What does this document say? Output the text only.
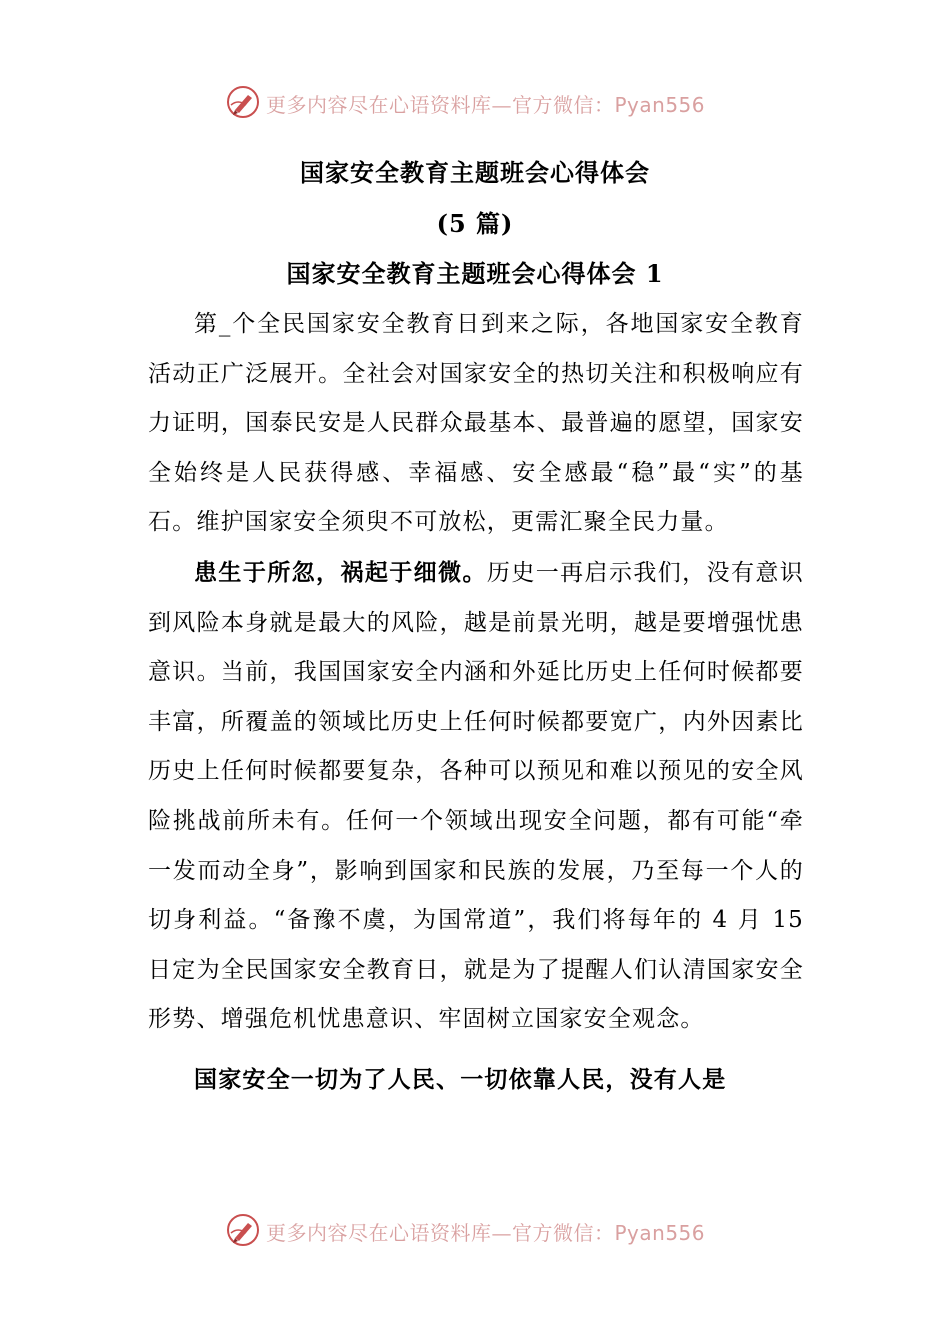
更多内容尽在心语资料库—官方微信：Pyan556
国家安全教育主题班会心得体会
(5 篇)
国家安全教育主题班会心得体会 1

第_个全民国家安全教育日到来之际，各地国家安全教育活动正广泛展开。全社会对国家安全的热切关注和积极响应有力证明，国泰民安是人民群众最基本、最普遍的愿望，国家安全始终是人民获得感、幸福感、安全感最“稳”最“实”的基石。维护国家安全须臾不可放松，更需汇聚全民力量。

患生于所忽，祸起于细微。历史一再启示我们，没有意识到风险本身就是最大的风险，越是前景光明，越是要增强忧患意识。当前，我国国家安全内涵和外延比历史上任何时候都要丰富，所覆盖的领域比历史上任何时候都要宽广，内外因素比历史上任何时候都要复杂，各种可以预见和难以预见的安全风险挑战前所未有。任何一个领域出现安全问题，都有可能“牵一发而动全身”，影响到国家和民族的发展，乃至每一个人的切身利益。“备豫不虞，为国常道”，我们将每年的 4 月 15 日定为全民国家安全教育日，就是为了提醒人们认清国家安全形势、增强危机忧患意识、牢固树立国家安全观念。

国家安全一切为了人民、一切依靠人民，没有人是

更多内容尽在心语资料库—官方微信：Pyan556
